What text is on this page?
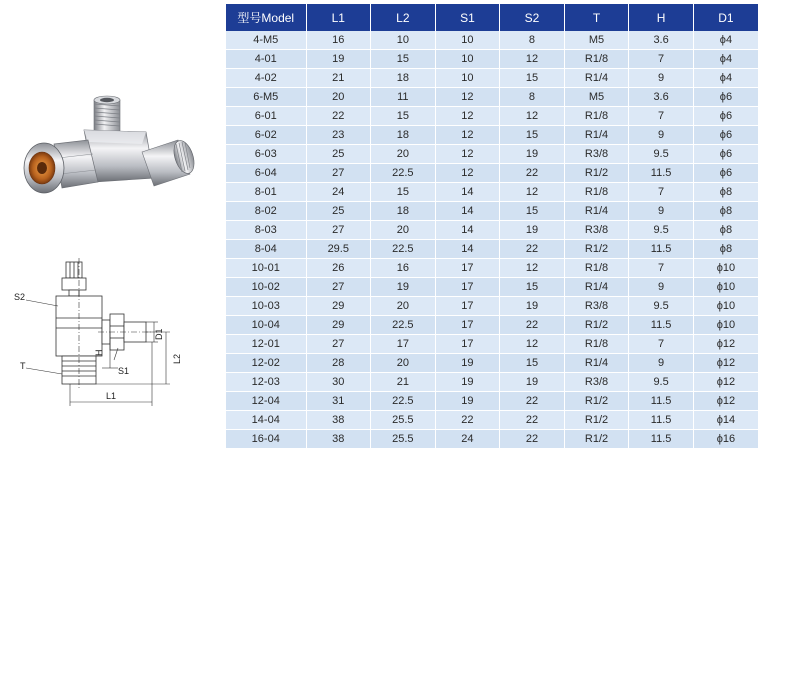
S2
T	S1
H
D1
L2
L1
型号Model	L1	L2	S1	S2	T	H	D1
4-M5	16	10	10	8	M5	3.6	ϕ4
4-01	19	15	10	12	R1/8	7	ϕ4
4-02	21	18	10	15	R1/4	9	ϕ4
6-M5	20	11	12	8	M5	3.6	ϕ6
6-01	22	15	12	12	R1/8	7	ϕ6
6-02	23	18	12	15	R1/4	9	ϕ6
6-03	25	20	12	19	R3/8	9.5	ϕ6
6-04	27	22.5	12	22	R1/2	11.5	ϕ6
8-01	24	15	14	12	R1/8	7	ϕ8
8-02	25	18	14	15	R1/4	9	ϕ8
8-03	27	20	14	19	R3/8	9.5	ϕ8
8-04	29.5	22.5	14	22	R1/2	11.5	ϕ8
10-01	26	16	17	12	R1/8	7	ϕ10
10-02	27	19	17	15	R1/4	9	ϕ10
10-03	29	20	17	19	R3/8	9.5	ϕ10
10-04	29	22.5	17	22	R1/2	11.5	ϕ10
12-01	27	17	17	12	R1/8	7	ϕ12
12-02	28	20	19	15	R1/4	9	ϕ12
12-03	30	21	19	19	R3/8	9.5	ϕ12
12-04	31	22.5	19	22	R1/2	11.5	ϕ12
14-04	38	25.5	22	22	R1/2	11.5	ϕ14
16-04	38	25.5	24	22	R1/2	11.5	ϕ16
